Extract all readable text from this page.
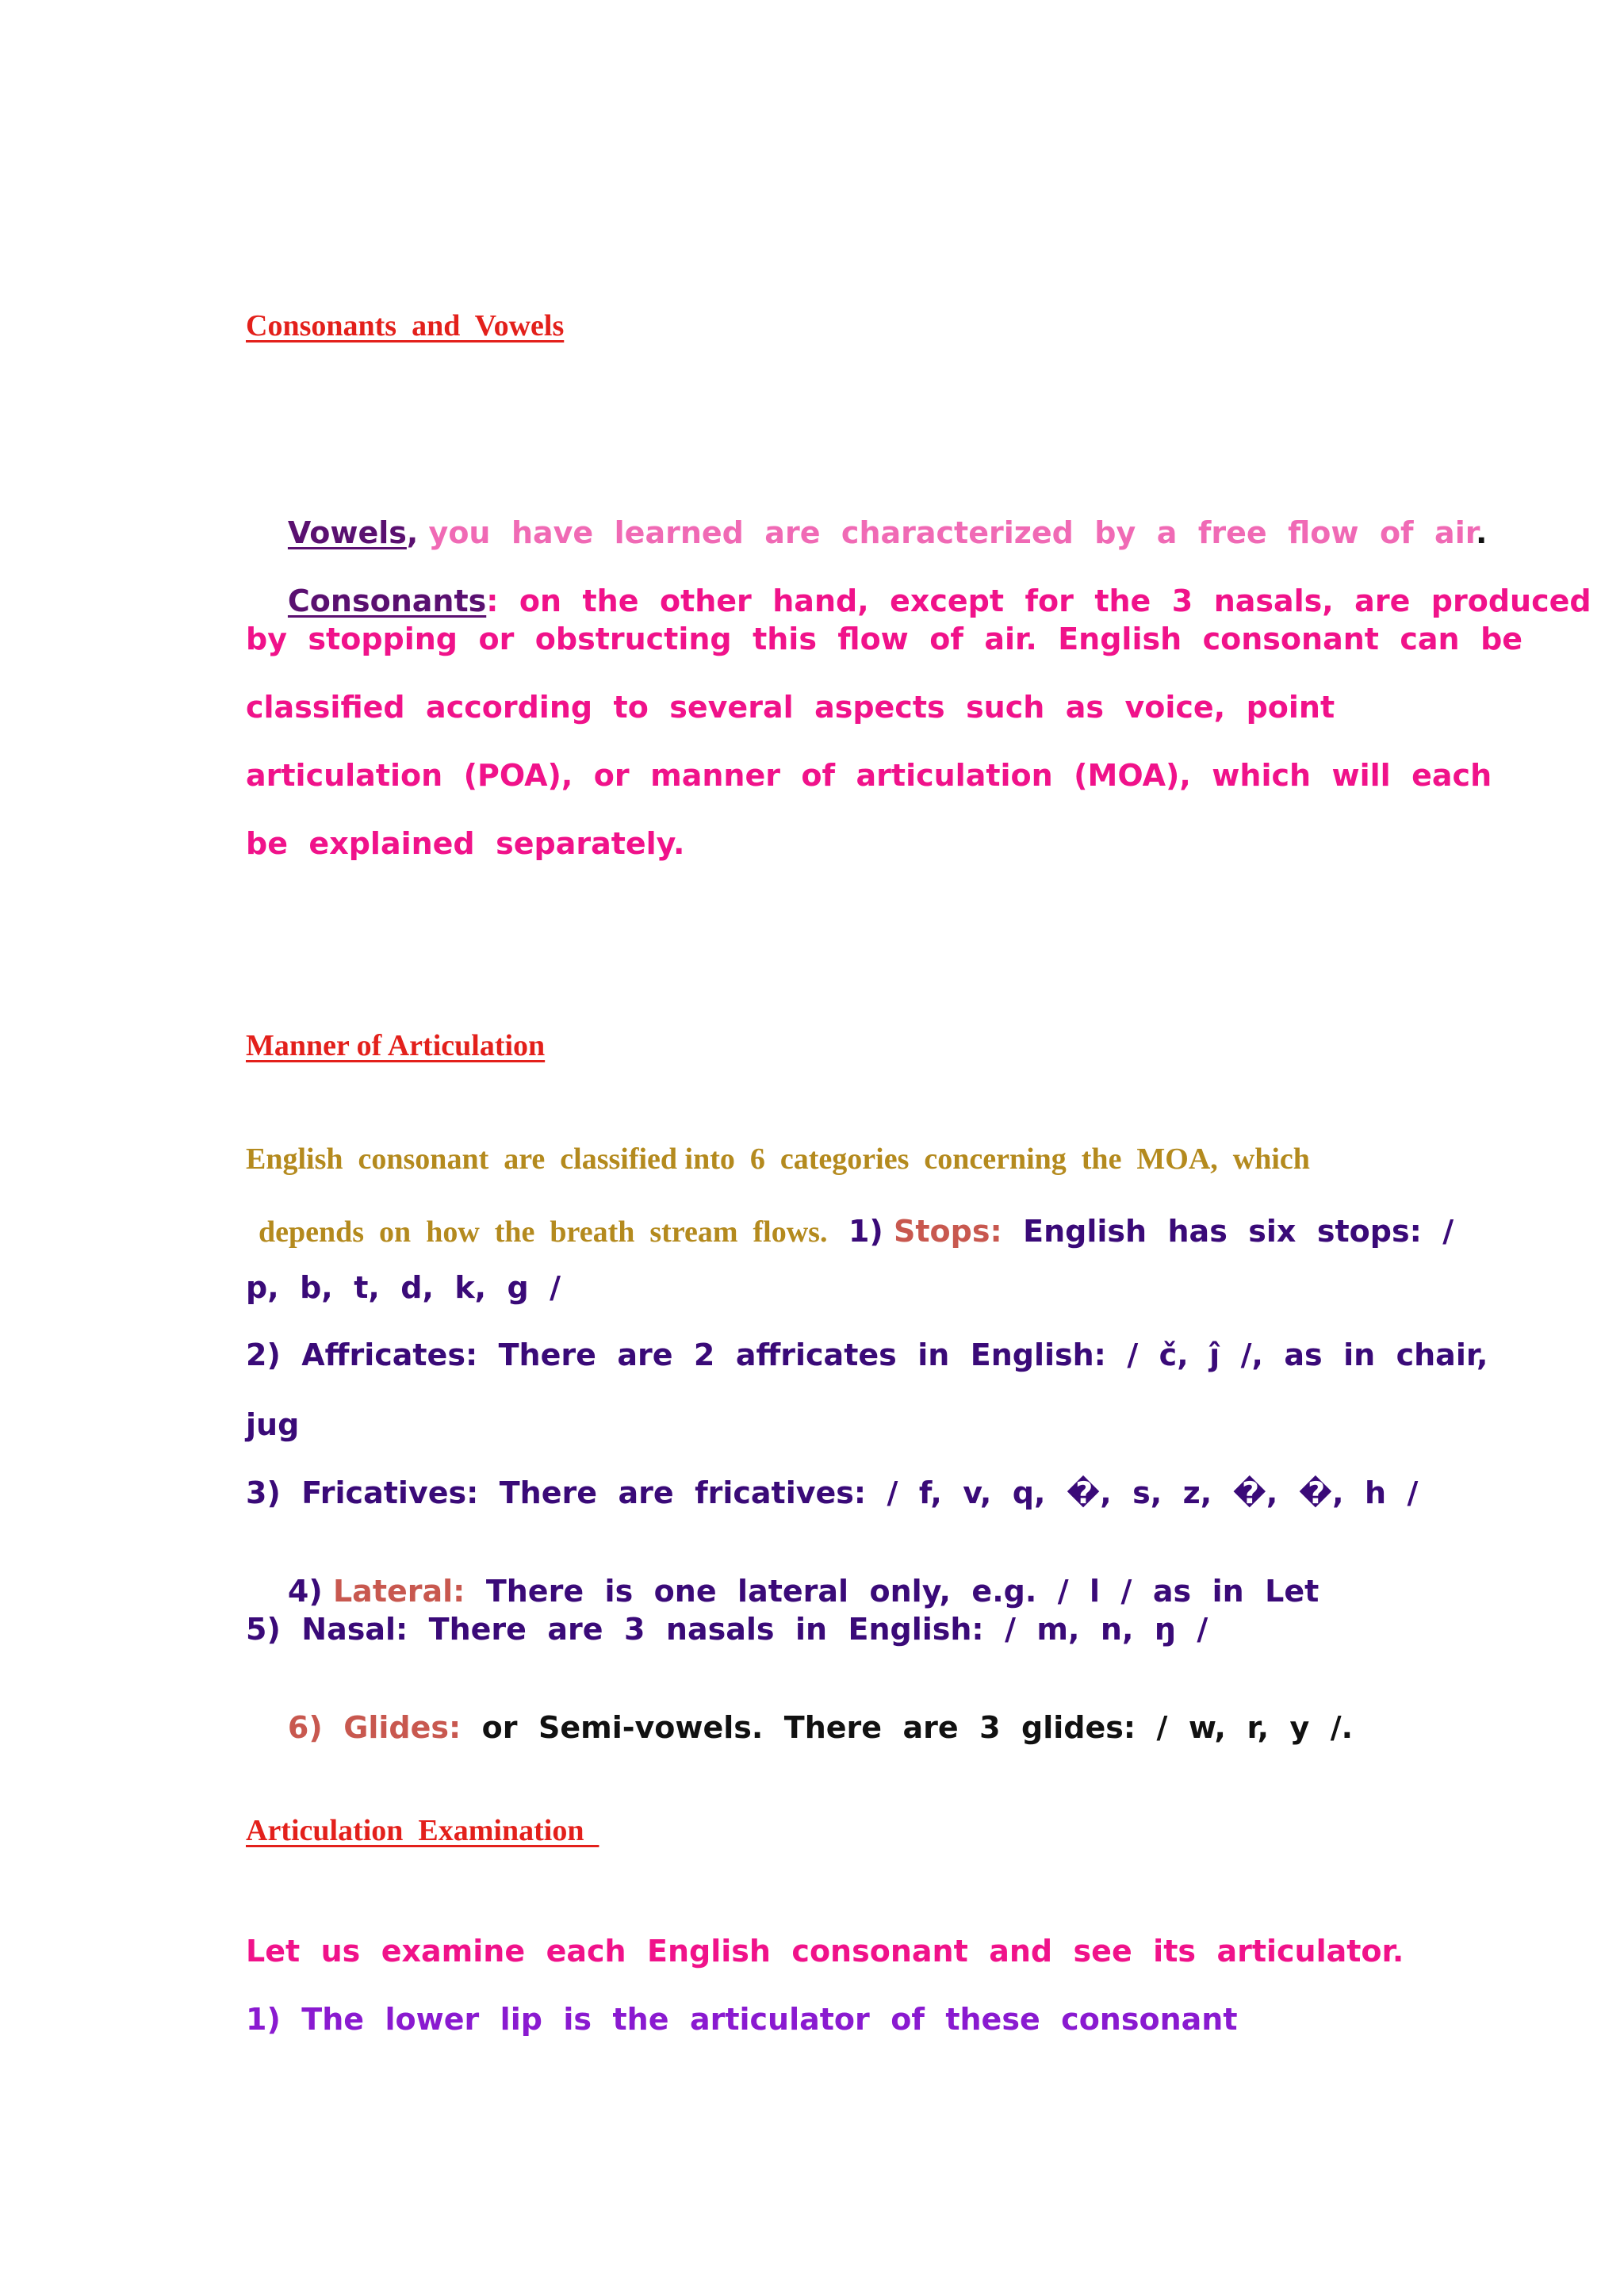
Consonants  and  Vowels

Vowels, you  have  learned  are  characterized  by  a  free  flow  of  air.

Consonants:  on  the  other  hand,  except  for  the  3  nasals,  are  produced

by  stopping  or  obstructing  this  flow  of  air.  English  consonant  can  be
classified  according  to  several  aspects  such  as  voice,  point
articulation  (POA),  or  manner  of  articulation  (MOA),  which  will  each
be  explained  separately.
Manner of Articulation
English  consonant  are  classified into  6  categories  concerning  the  MOA,  which

depends  on  how  the  breath  stream  flows.  1) Stops:  English  has  six  stops:  /

p,  b,  t,  d,  k,  g  /
2)  Affricates:  There  are  2  affricates  in  English:  /  č,  ĵ  /,  as  in  chair,
jug
3)  Fricatives:  There  are  fricatives:  /  f,  v,  q,  �,  s,  z,  �,  �,  h  /

4) Lateral:  There  is  one  lateral  only,  e.g.  /  l  /  as  in  Let

5)  Nasal:  There  are  3  nasals  in  English:  /  m,  n,  ŋ  /

6)  Glides:  or  Semi-vowels.  There  are  3  glides:  /  w,  r,  y  /.

Articulation  Examination
Let  us  examine  each  English  consonant  and  see  its  articulator.
1)  The  lower  lip  is  the  articulator  of  these  consonant
